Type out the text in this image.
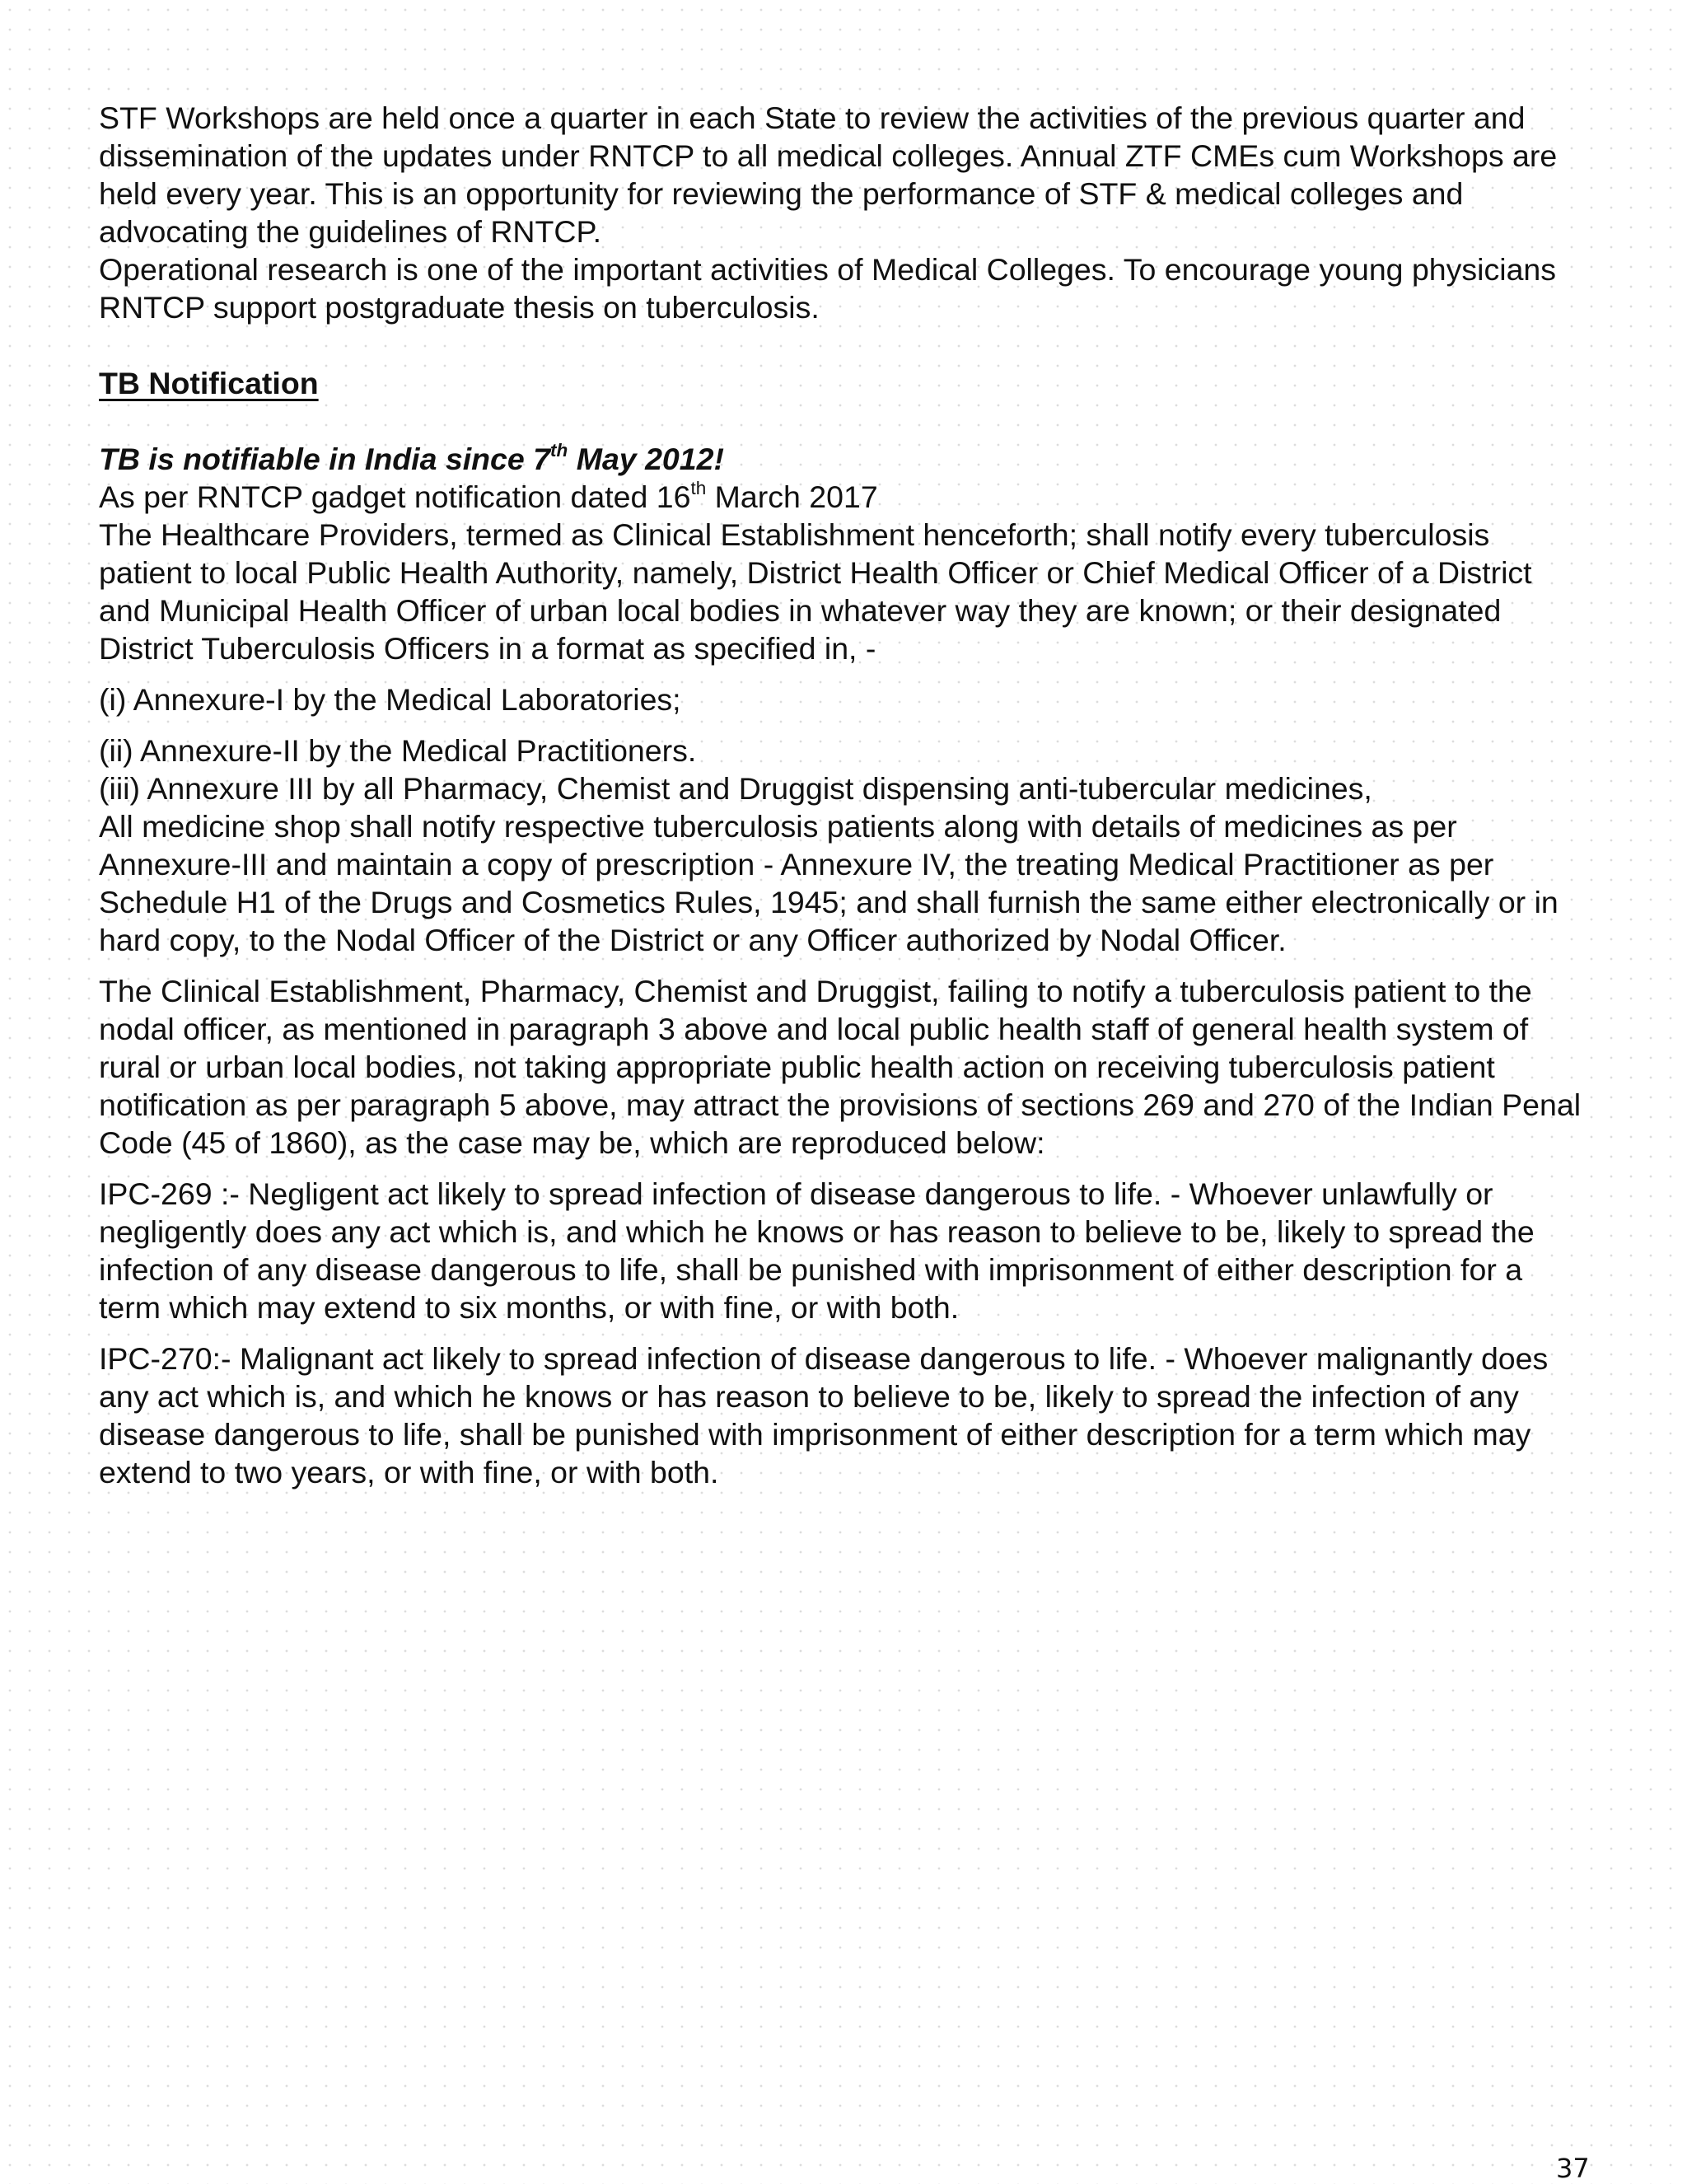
STF Workshops are held once a quarter in each State to review the activities of the previous quarter and dissemination of the updates under RNTCP to all medical colleges. Annual ZTF CMEs cum Workshops are held every year. This is an opportunity for reviewing the performance of STF & medical colleges and advocating the guidelines of RNTCP.

Operational research is one of the important activities of Medical Colleges. To encourage young physicians RNTCP support postgraduate thesis on tuberculosis.

TB Notification

TB is notifiable in India since 7th May 2012!

As per RNTCP gadget notification dated 16th March 2017

The Healthcare Providers, termed as Clinical Establishment henceforth; shall notify every tuberculosis patient to local Public Health Authority, namely, District Health Officer or Chief Medical Officer of a District and Municipal Health Officer of urban local bodies in whatever way they are known; or their designated District Tuberculosis Officers in a format as specified in, -

(i) Annexure-I by the Medical Laboratories;

(ii) Annexure-II by the Medical Practitioners.

(iii) Annexure III by all Pharmacy, Chemist and Druggist dispensing anti-tubercular medicines,

All medicine shop shall notify respective tuberculosis patients along with details of medicines as per Annexure-III and maintain a copy of prescription - Annexure IV, the treating Medical Practitioner as per Schedule H1 of the Drugs and Cosmetics Rules, 1945; and shall furnish the same either electronically or in hard copy, to the Nodal Officer of the District or any Officer authorized by Nodal Officer.

The Clinical Establishment, Pharmacy, Chemist and Druggist, failing to notify a tuberculosis patient to the nodal officer, as mentioned in paragraph 3 above and local public health staff of general health system of rural or urban local bodies, not taking appropriate public health action on receiving tuberculosis patient notification as per paragraph 5 above, may attract the provisions of sections 269 and 270 of the Indian Penal Code (45 of 1860), as the case may be, which are reproduced below:

IPC-269 :- Negligent act likely to spread infection of disease dangerous to life. - Whoever unlawfully or negligently does any act which is, and which he knows or has reason to believe to be, likely to spread the infection of any disease dangerous to life, shall be punished with imprisonment of either description for a term which may extend to six months, or with fine, or with both.

IPC-270:- Malignant act likely to spread infection of disease dangerous to life. - Whoever malignantly does any act which is, and which he knows or has reason to believe to be, likely to spread the infection of any disease dangerous to life, shall be punished with imprisonment of either description for a term which may extend to two years, or with fine, or with both.

37
